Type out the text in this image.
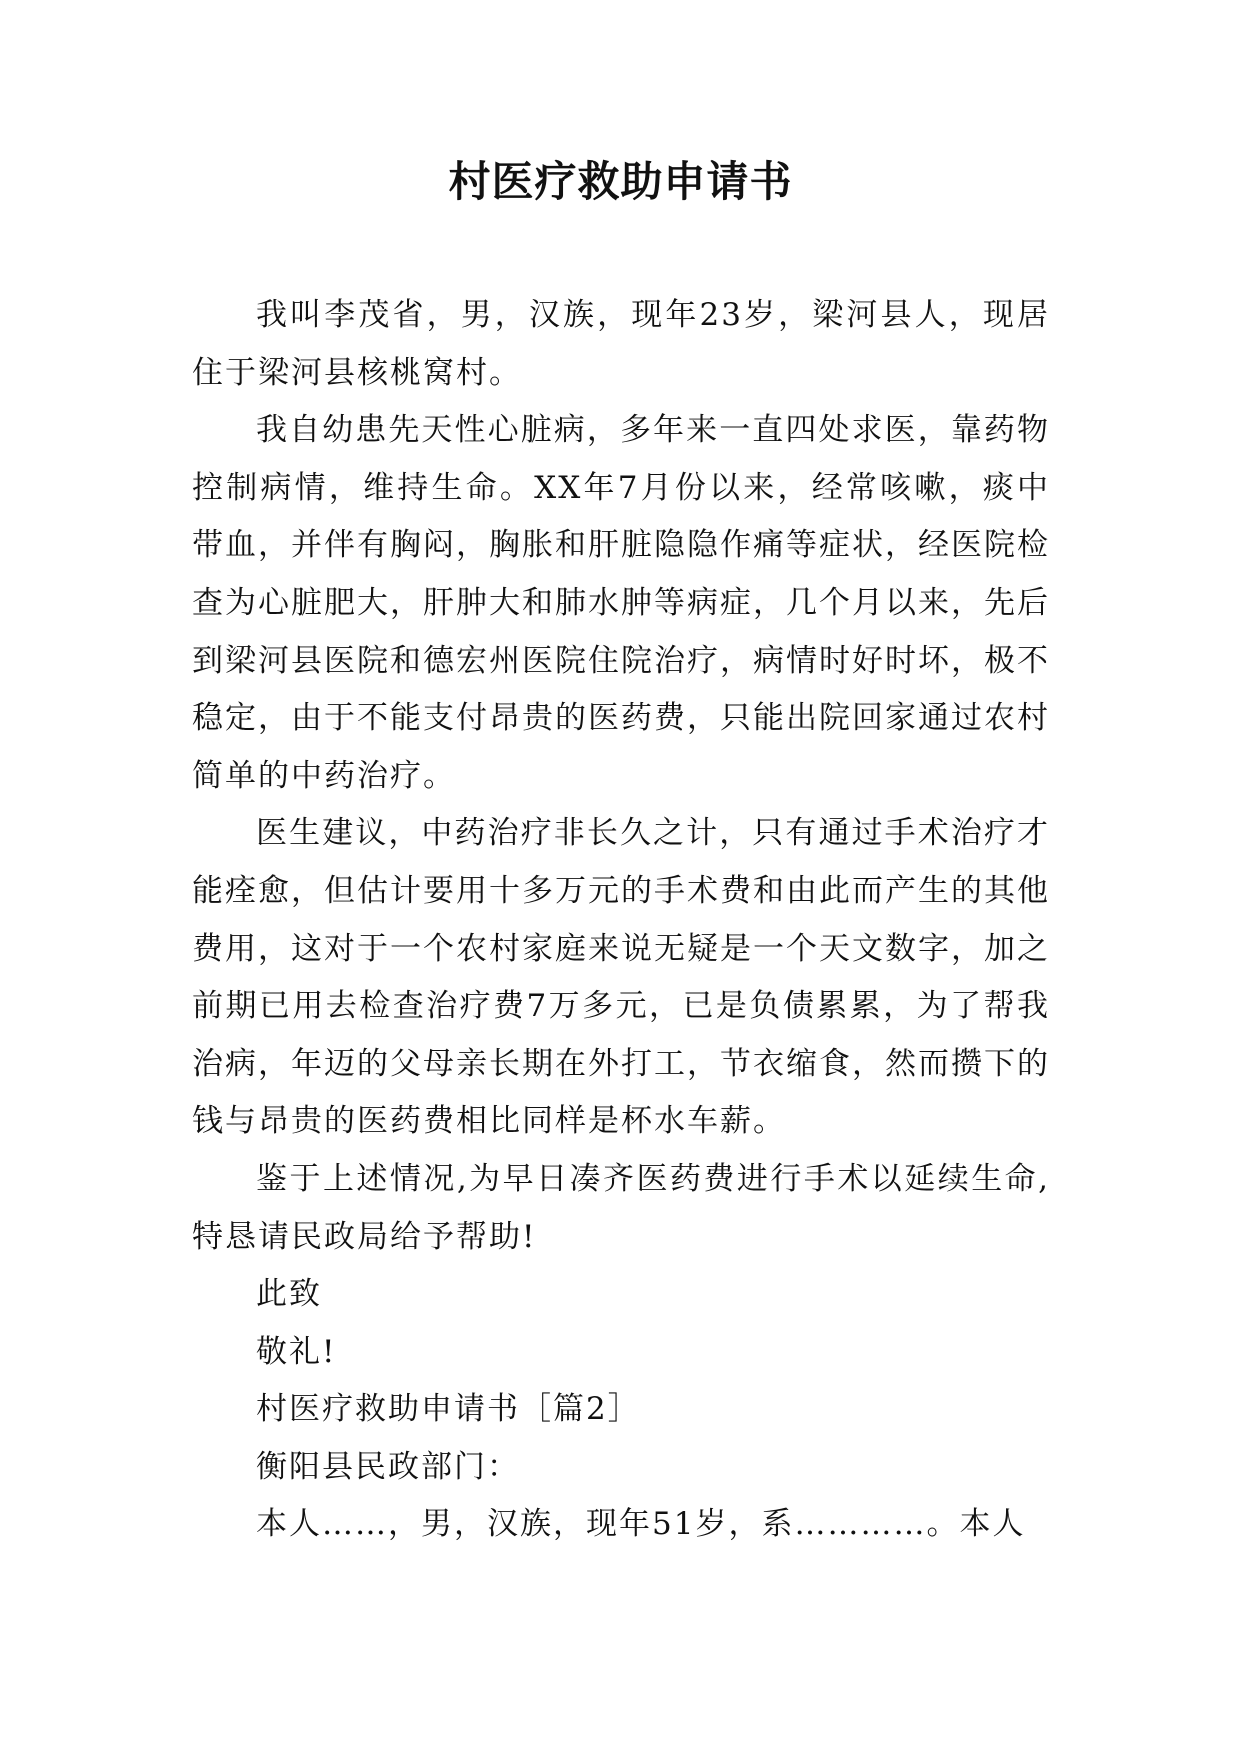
村医疗救助申请书

我叫李茂省，男，汉族，现年23岁，梁河县人，现居住于梁河县核桃窝村。

我自幼患先天性心脏病，多年来一直四处求医，靠药物控制病情，维持生命。XX年7月份以来，经常咳嗽，痰中带血，并伴有胸闷，胸胀和肝脏隐隐作痛等症状，经医院检查为心脏肥大，肝肿大和肺水肿等病症，几个月以来，先后到梁河县医院和德宏州医院住院治疗，病情时好时坏，极不稳定，由于不能支付昂贵的医药费，只能出院回家通过农村简单的中药治疗。

医生建议，中药治疗非长久之计，只有通过手术治疗才能痊愈，但估计要用十多万元的手术费和由此而产生的其他费用，这对于一个农村家庭来说无疑是一个天文数字，加之前期已用去检查治疗费7万多元，已是负债累累，为了帮我治病，年迈的父母亲长期在外打工，节衣缩食，然而攒下的钱与昂贵的医药费相比同样是杯水车薪。

鉴于上述情况,为早日凑齐医药费进行手术以延续生命,特恳请民政局给予帮助!

此致

敬礼!

村医疗救助申请书［篇2］

衡阳县民政部门：

本人……，男，汉族，现年51岁，系…………。本人
